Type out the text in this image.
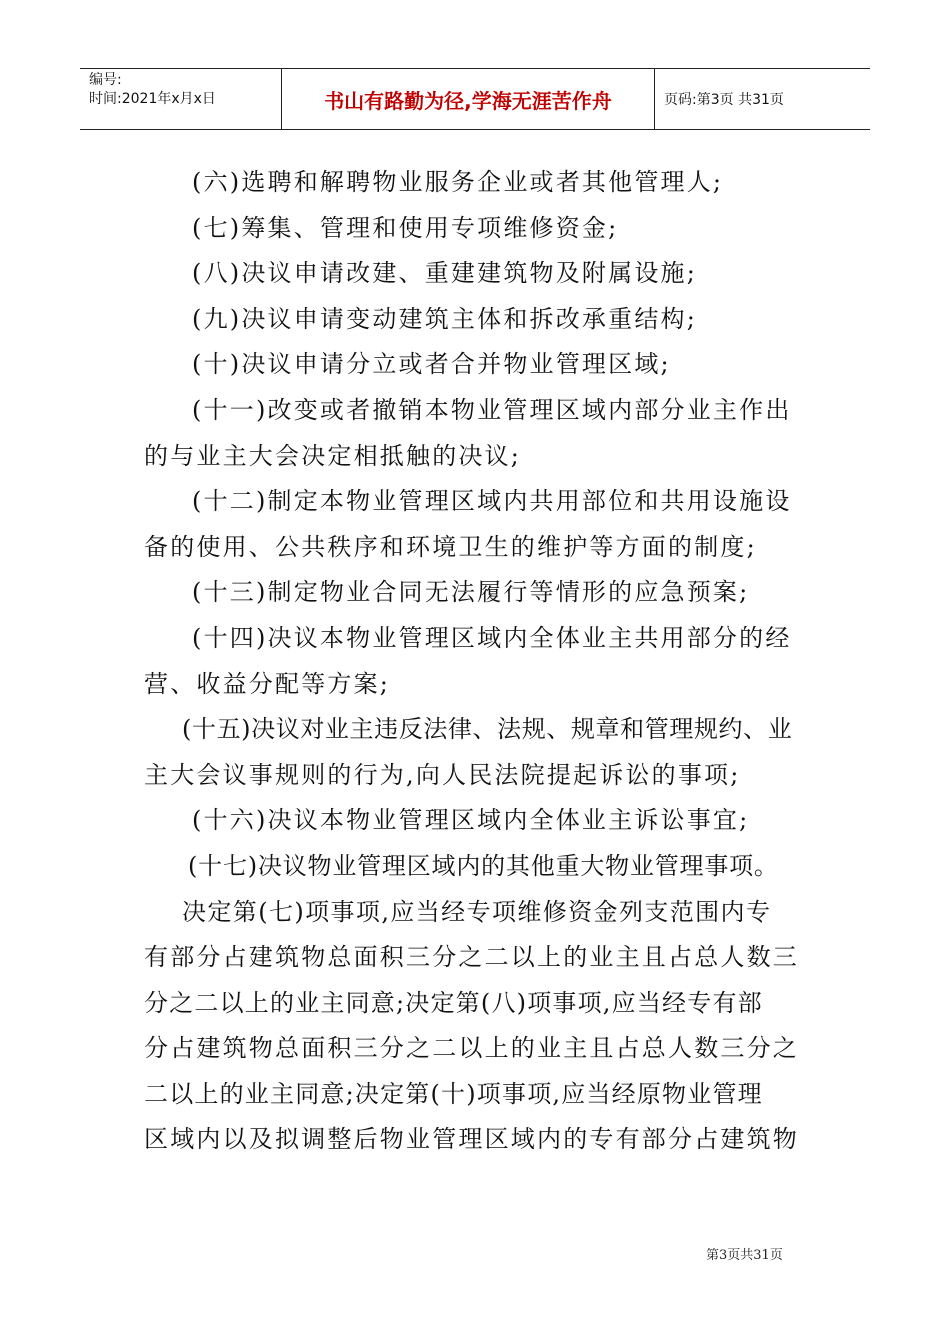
编号:
时间:2021年x月x日	书山有路勤为径,学海无涯苦作舟	页码:第3页 共31页

(六)选聘和解聘物业服务企业或者其他管理人;

(七)筹集、管理和使用专项维修资金;

(八)决议申请改建、重建建筑物及附属设施;

(九)决议申请变动建筑主体和拆改承重结构;

(十)决议申请分立或者合并物业管理区域;

(十一)改变或者撤销本物业管理区域内部分业主作出

的与业主大会决定相抵触的决议;

(十二)制定本物业管理区域内共用部位和共用设施设

备的使用、公共秩序和环境卫生的维护等方面的制度;

(十三)制定物业合同无法履行等情形的应急预案;

(十四)决议本物业管理区域内全体业主共用部分的经

营、收益分配等方案;

(十五)决议对业主违反法律、法规、规章和管理规约、业

主大会议事规则的行为,向人民法院提起诉讼的事项;

(十六)决议本物业管理区域内全体业主诉讼事宜;

(十七)决议物业管理区域内的其他重大物业管理事项。

决定第(七)项事项,应当经专项维修资金列支范围内专

有部分占建筑物总面积三分之二以上的业主且占总人数三

分之二以上的业主同意;决定第(八)项事项,应当经专有部

分占建筑物总面积三分之二以上的业主且占总人数三分之

二以上的业主同意;决定第(十)项事项,应当经原物业管理

区域内以及拟调整后物业管理区域内的专有部分占建筑物

第3页共31页
